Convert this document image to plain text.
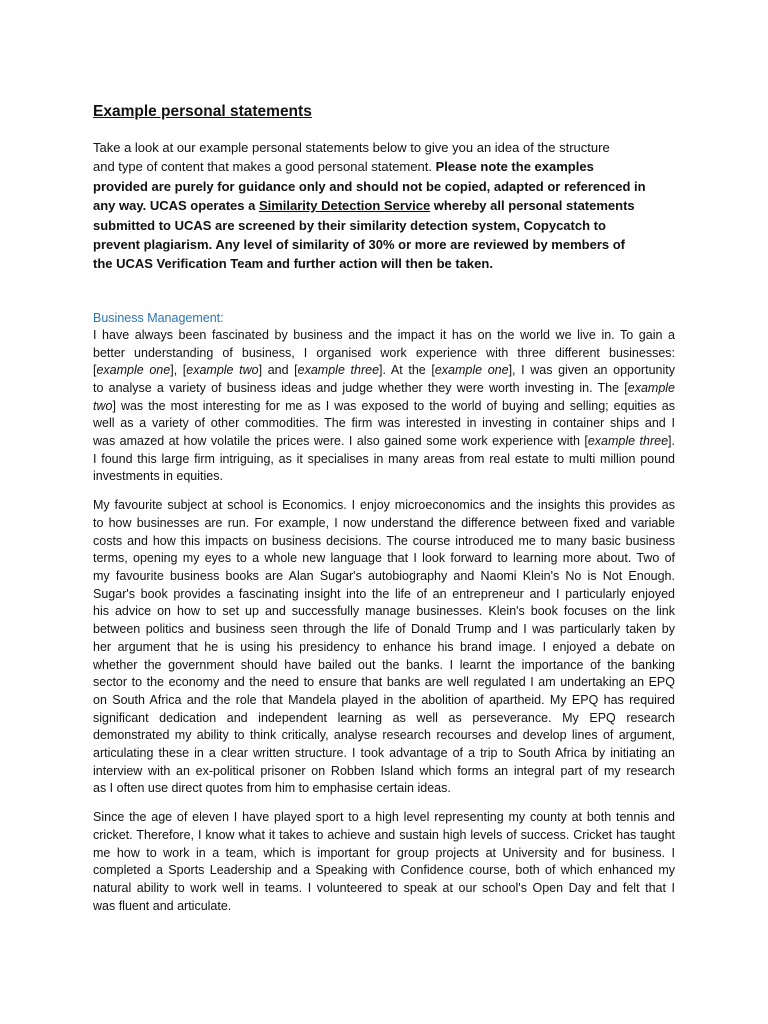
Example personal statements
Take a look at our example personal statements below to give you an idea of the structure
and type of content that makes a good personal statement. Please note the examples
provided are purely for guidance only and should not be copied, adapted or referenced in
any way. UCAS operates a Similarity Detection Service whereby all personal statements
submitted to UCAS are screened by their similarity detection system, Copycatch to
prevent plagiarism. Any level of similarity of 30% or more are reviewed by members of
the UCAS Verification Team and further action will then be taken.
Business Management:
I have always been fascinated by business and the impact it has on the world we live in. To gain a
better understanding of business, I organised work experience with three different businesses:
[example one], [example two] and [example three]. At the [example one], I was given an opportunity
to analyse a variety of business ideas and judge whether they were worth investing in. The [example
two] was the most interesting for me as I was exposed to the world of buying and selling; equities as
well as a variety of other commodities. The firm was interested in investing in container ships and I
was amazed at how volatile the prices were. I also gained some work experience with [example three].
I found this large firm intriguing, as it specialises in many areas from real estate to multi million pound
investments in equities.
My favourite subject at school is Economics. I enjoy microeconomics and the insights this provides as
to how businesses are run. For example, I now understand the difference between fixed and variable
costs and how this impacts on business decisions. The course introduced me to many basic business
terms, opening my eyes to a whole new language that I look forward to learning more about. Two of
my favourite business books are Alan Sugar's autobiography and Naomi Klein's No is Not Enough.
Sugar's book provides a fascinating insight into the life of an entrepreneur and I particularly enjoyed
his advice on how to set up and successfully manage businesses. Klein's book focuses on the link
between politics and business seen through the life of Donald Trump and I was particularly taken by
her argument that he is using his presidency to enhance his brand image. I enjoyed a debate on
whether the government should have bailed out the banks. I learnt the importance of the banking
sector to the economy and the need to ensure that banks are well regulated I am undertaking an EPQ
on South Africa and the role that Mandela played in the abolition of apartheid. My EPQ has required
significant dedication and independent learning as well as perseverance. My EPQ research
demonstrated my ability to think critically, analyse research recourses and develop lines of argument,
articulating these in a clear written structure. I took advantage of a trip to South Africa by initiating an
interview with an ex-political prisoner on Robben Island which forms an integral part of my research
as I often use direct quotes from him to emphasise certain ideas.
Since the age of eleven I have played sport to a high level representing my county at both tennis and
cricket. Therefore, I know what it takes to achieve and sustain high levels of success. Cricket has taught
me how to work in a team, which is important for group projects at University and for business. I
completed a Sports Leadership and a Speaking with Confidence course, both of which enhanced my
natural ability to work well in teams. I volunteered to speak at our school's Open Day and felt that I
was fluent and articulate.
